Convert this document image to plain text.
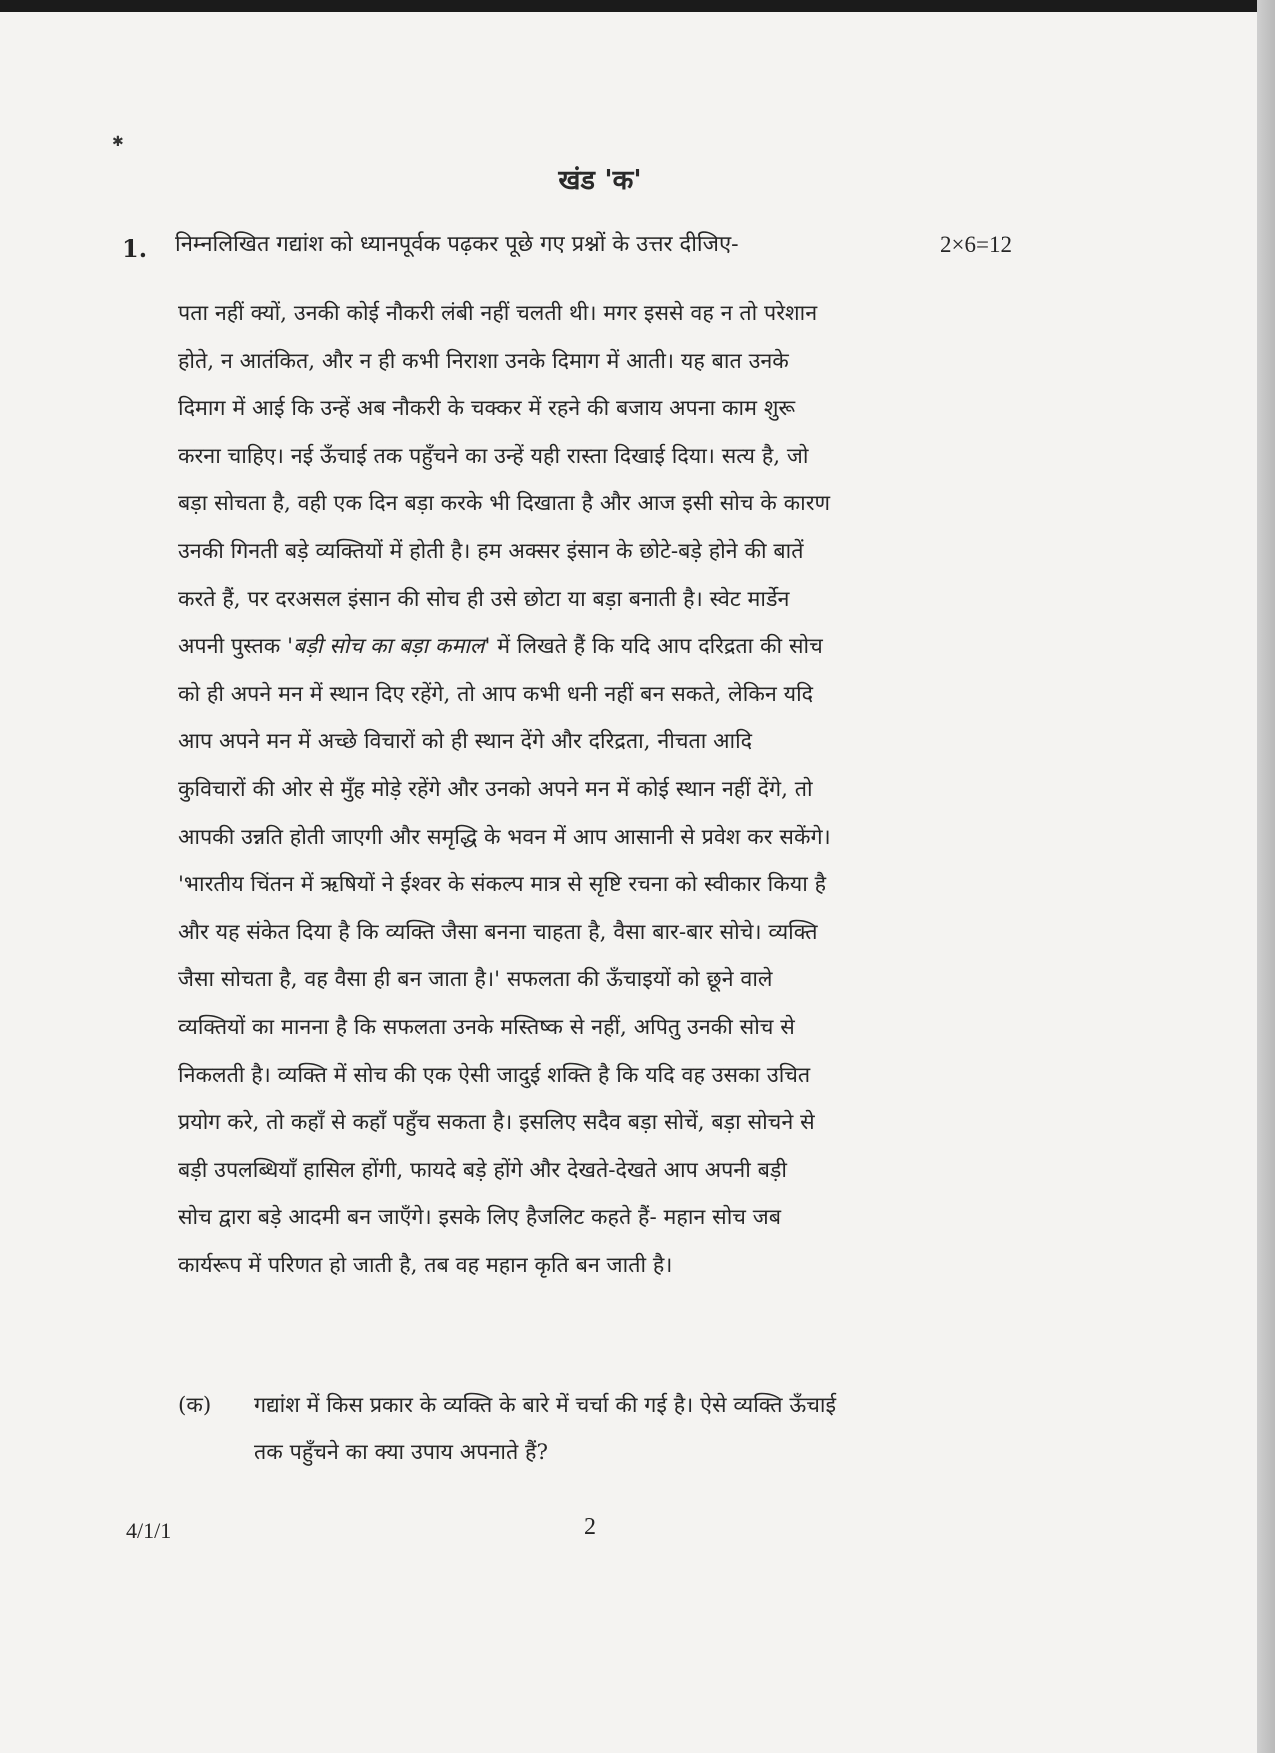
✱
खंड 'क'
1. निम्नलिखित गद्यांश को ध्यानपूर्वक पढ़कर पूछे गए प्रश्नों के उत्तर दीजिए-	2×6=12
पता नहीं क्यों, उनकी कोई नौकरी लंबी नहीं चलती थी। मगर इससे वह न तो परेशान
होते, न आतंकित, और न ही कभी निराशा उनके दिमाग में आती। यह बात उनके
दिमाग में आई कि उन्हें अब नौकरी के चक्कर में रहने की बजाय अपना काम शुरू
करना चाहिए। नई ऊँचाई तक पहुँचने का उन्हें यही रास्ता दिखाई दिया। सत्य है, जो
बड़ा सोचता है, वही एक दिन बड़ा करके भी दिखाता है और आज इसी सोच के कारण
उनकी गिनती बड़े व्यक्तियों में होती है। हम अक्सर इंसान के छोटे-बड़े होने की बातें
करते हैं, पर दरअसल इंसान की सोच ही उसे छोटा या बड़ा बनाती है। स्वेट मार्डेन
अपनी पुस्तक 'बड़ी सोच का बड़ा कमाल' में लिखते हैं कि यदि आप दरिद्रता की सोच
को ही अपने मन में स्थान दिए रहेंगे, तो आप कभी धनी नहीं बन सकते, लेकिन यदि
आप अपने मन में अच्छे विचारों को ही स्थान देंगे और दरिद्रता, नीचता आदि
कुविचारों की ओर से मुँह मोड़े रहेंगे और उनको अपने मन में कोई स्थान नहीं देंगे, तो
आपकी उन्नति होती जाएगी और समृद्धि के भवन में आप आसानी से प्रवेश कर सकेंगे।
'भारतीय चिंतन में ऋषियों ने ईश्वर के संकल्प मात्र से सृष्टि रचना को स्वीकार किया है
और यह संकेत दिया है कि व्यक्ति जैसा बनना चाहता है, वैसा बार-बार सोचे। व्यक्ति
जैसा सोचता है, वह वैसा ही बन जाता है।' सफलता की ऊँचाइयों को छूने वाले
व्यक्तियों का मानना है कि सफलता उनके मस्तिष्क से नहीं, अपितु उनकी सोच से
निकलती है। व्यक्ति में सोच की एक ऐसी जादुई शक्ति है कि यदि वह उसका उचित
प्रयोग करे, तो कहाँ से कहाँ पहुँच सकता है। इसलिए सदैव बड़ा सोचें, बड़ा सोचने से
बड़ी उपलब्धियाँ हासिल होंगी, फायदे बड़े होंगे और देखते-देखते आप अपनी बड़ी
सोच द्वारा बड़े आदमी बन जाएँगे। इसके लिए हैजलिट कहते हैं- महान सोच जब
कार्यरूप में परिणत हो जाती है, तब वह महान कृति बन जाती है।
(क) गद्यांश में किस प्रकार के व्यक्ति के बारे में चर्चा की गई है। ऐसे व्यक्ति ऊँचाई
तक पहुँचने का क्या उपाय अपनाते हैं?
4/1/1	2
